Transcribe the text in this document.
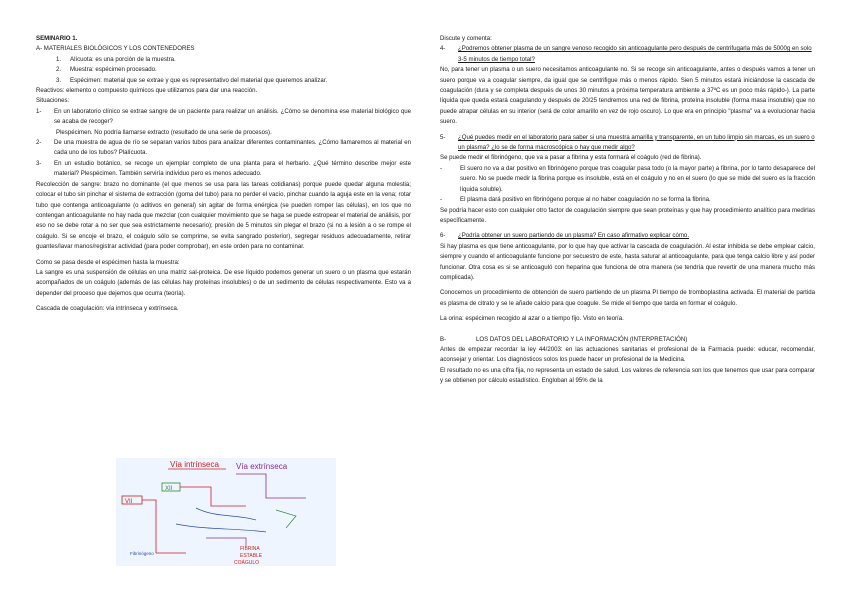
SEMINARIO 1.

A- MATERIALES BIOLÓGICOS Y LOS CONTENEDORES

1.	Alícuota: es una porción de la muestra.
2.	Muestra: espécimen procesado.
3.	Espécimen: material que se extrae y que es representativo del material que queremos analizar.

Reactivos: elemento o compuesto químicos que utilizamos para dar una reacción.

Situaciones:

1-	En un laboratorio clínico se extrae sangre de un paciente para realizar un análisis. ¿Cómo se denomina ese material biológico que se acaba de recoger?
Plespécimen. No podría llamarse extracto (resultado de una serie de procesos).
2-	De una muestra de agua de río se separan varios tubos para analizar diferentes contaminantes. ¿Cómo llamaremos al material en cada uno de los tubos? Plalícuota.
3-	En un estudio botánico, se recoge un ejemplar completo de una planta para el herbario. ¿Qué término describe mejor este material? Plespécimen. También serviría individuo pero es menos adecuado.

Recolección de sangre: brazo no dominante (el que menos se usa para las tareas cotidianas) porque puede quedar alguna molestia; colocar el tubo sin pinchar el sistema de extracción (goma del tubo) para no perder el vacío, pinchar cuando la aguja este en la vena; rotar tubo que contenga anticoagulante (o aditivos en general) sin agitar de forma enérgica (se pueden romper las células), en los que no contengan anticoagulante no hay nada que mezclar (con cualquier movimiento que se haga se puede estropear el material de análisis, por eso no se debe rotar a no ser que sea estrictamente necesario); presión de 5 minutos sin plegar el brazo (si no a lesión a o se rompe el coágulo. Si se encoje el brazo, el coágulo sólo se comprime, se evita sangrado posterior), segregar residuos adecuadamente, retirar guantes/lavar manos/registrar actividad (para poder comprobar), en este orden para no contaminar.

Como se pasa desde el espécimen hasta la muestra:

La sangre es una suspensión de células en una matriz sal-proteica. De ese líquido podemos generar un suero o un plasma que estarán acompañados de un coágulo (además de las células hay proteínas insolubles) o de un sedimento de células respectivamente. Esto va a depender del proceso que dejemos que ocurra (teoría).

Cascada de coagulación: vía intrínseca y extrínseca.

Vía intrínseca Vía extrínseca
VII
XII
Fibrinógeno
FIBRINA
ESTABLE
COÁGULO

Discute y comenta:

4-	¿Podremos obtener plasma de un sangre venoso recogido sin anticoagulante pero después de centrifugarla más de 5000g en solo 3-5 minutos de tiempo total?

No, para tener un plasma o un suero necesitamos anticoagulante no. Si se recoge sin anticoagulante, antes o después vamos a tener un suero porque va a coagular siempre, da igual que se centrifigue más o menos rápido. Sien 5 minutos estará iniciándose la cascada de coagulación (dura y se completa después de unos 30 minutos a próxima temperatura ambiente a 37ºC es un poco más rápido-). La parte líquida que queda estará coagulando y después de 20/25 tendremos una red de fibrina, proteína insoluble (forma masa insoluble) que no puede atrapar células en su interior (será de color amarillo en vez de rojo oscuro). Lo que era en principio "plasma" va a evolucionar hacia suero.

5-	¿Qué puedes medir en el laboratorio para saber si una muestra amarilla y transparente, en un tubo limpio sin marcas, es un suero o un plasma? ¿lo se de forma macroscópica o hay que medir algo?

Se puede medir el fibrinógeno, que va a pasar a fibrina y esta formará el coágulo (red de fibrina).

-	El suero no va a dar positivo en fibrinógeno porque tras coagular pasa todo (o la mayor parte) a fibrina, por lo tanto desaparece del suero. No se puede medir la fibrina porque es insoluble, está en el coágulo y no en el suero (lo que se mide del suero es la fracción líquida soluble).
-	El plasma dará positivo en fibrinógeno porque al no haber coagulación no se forma la fibrina.

Se podría hacer esto con cualquier otro factor de coagulación siempre que sean proteínas y que hay procedimiento analítico para medirlas específicamente.

6-	¿Podría obtener un suero partiendo de un plasma? En caso afirmativo explicar cómo.

Si hay plasma es que tiene anticoagulante, por lo que hay que activar la cascada de coagulación. Al estar inhibida se debe emplear calcio, siempre y cuando el anticoagulante funcione por secuestro de este, hasta saturar al anticoagulante, para que tenga calcio libre y así poder funcionar. Otra cosa es si se anticoaguló con heparina que funciona de otra manera (se tendría que revertir de una manera mucho más complicada).

Conocemos un procedimiento de obtención de suero partiendo de un plasma Pl tiempo de tromboplastina activada. El material de partida es plasma de citrato y se le añade calcio para que coagule. Se mide el tiempo que tarda en formar el coágulo.

La orina: espécimen recogido al azar o a tiempo fijo. Visto en teoría.

B-	LOS DATOS DEL LABORATORIO Y LA INFORMACIÓN (INTERPRETACIÓN)

Antes de empezar recordar la ley 44/2003: en las actuaciones sanitarias el profesional de la Farmacia puede: educar, recomendar, aconsejar y orientar. Los diagnósticos solos los puede hacer un profesional de la Medicina.

El resultado no es una cifra fija, no representa un estado de salud. Los valores de referencia son los que tenemos que usar para comparar y se obtienen por cálculo estadístico. Engloban al 95% de la
